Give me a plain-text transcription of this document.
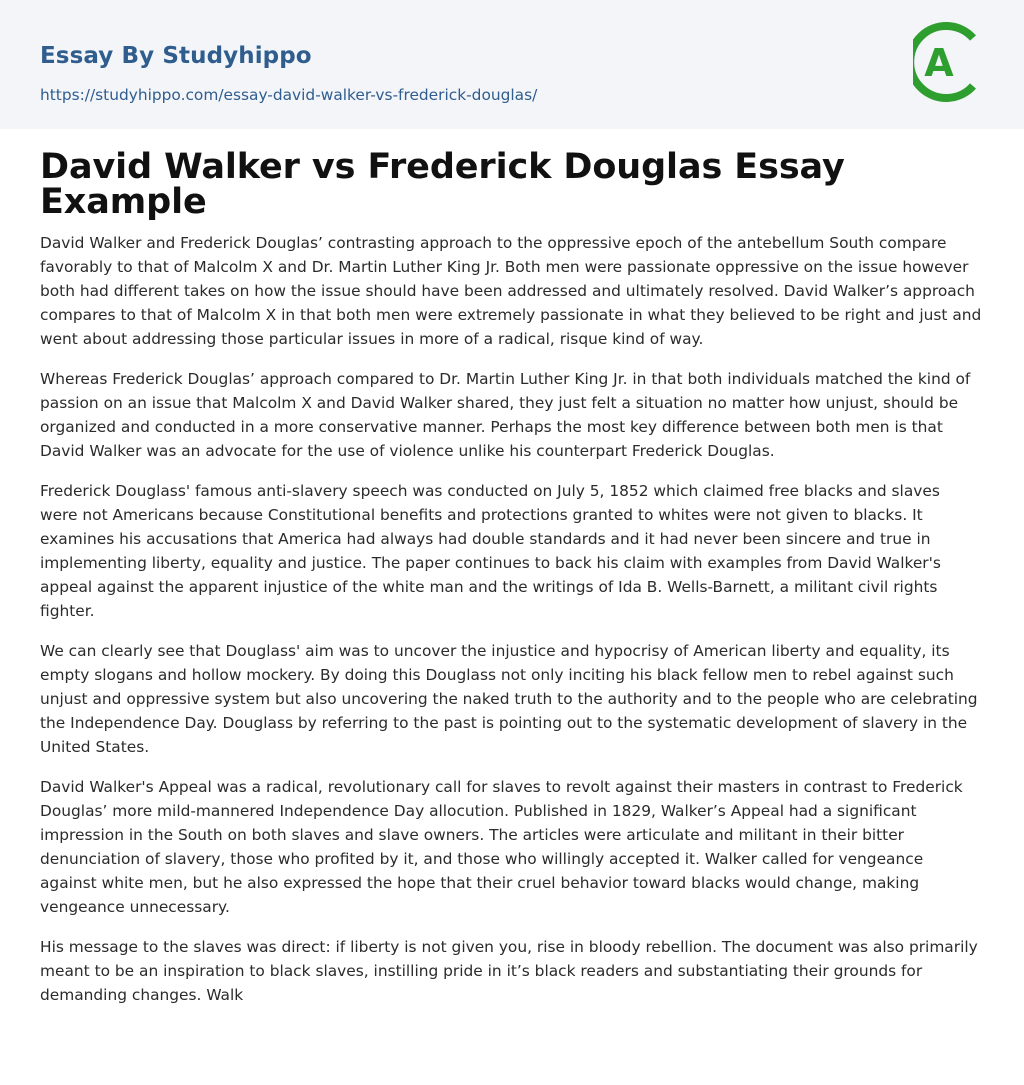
Essay By Studyhippo
https://studyhippo.com/essay-david-walker-vs-frederick-douglas/
A
David Walker vs Frederick Douglas Essay Example

David Walker and Frederick Douglas’ contrasting approach to the oppressive epoch of the antebellum South compare favorably to that of Malcolm X and Dr. Martin Luther King Jr. Both men were passionate oppressive on the issue however both had different takes on how the issue should have been addressed and ultimately resolved. David Walker’s approach compares to that of Malcolm X in that both men were extremely passionate in what they believed to be right and just and went about addressing those particular issues in more of a radical, risque kind of way.

Whereas Frederick Douglas’ approach compared to Dr. Martin Luther King Jr. in that both individuals matched the kind of passion on an issue that Malcolm X and David Walker shared, they just felt a situation no matter how unjust, should be organized and conducted in a more conservative manner. Perhaps the most key difference between both men is that David Walker was an advocate for the use of violence unlike his counterpart Frederick Douglas.

Frederick Douglass' famous anti-slavery speech was conducted on July 5, 1852 which claimed free blacks and slaves were not Americans because Constitutional benefits and protections granted to whites were not given to blacks. It examines his accusations that America had always had double standards and it had never been sincere and true in implementing liberty, equality and justice. The paper continues to back his claim with examples from David Walker's appeal against the apparent injustice of the white man and the writings of Ida B. Wells-Barnett, a militant civil rights fighter.

We can clearly see that Douglass' aim was to uncover the injustice and hypocrisy of American liberty and equality, its empty slogans and hollow mockery. By doing this Douglass not only inciting his black fellow men to rebel against such unjust and oppressive system but also uncovering the naked truth to the authority and to the people who are celebrating the Independence Day. Douglass by referring to the past is pointing out to the systematic development of slavery in the United States.

David Walker's Appeal was a radical, revolutionary call for slaves to revolt against their masters in contrast to Frederick Douglas’ more mild-mannered Independence Day allocution. Published in 1829, Walker’s Appeal had a significant impression in the South on both slaves and slave owners. The articles were articulate and militant in their bitter denunciation of slavery, those who profited by it, and those who willingly accepted it. Walker called for vengeance against white men, but he also expressed the hope that their cruel behavior toward blacks would change, making vengeance unnecessary.

His message to the slaves was direct: if liberty is not given you, rise in bloody rebellion. The document was also primarily meant to be an inspiration to black slaves, instilling pride in it’s black readers and substantiating their grounds for demanding changes. Walk
